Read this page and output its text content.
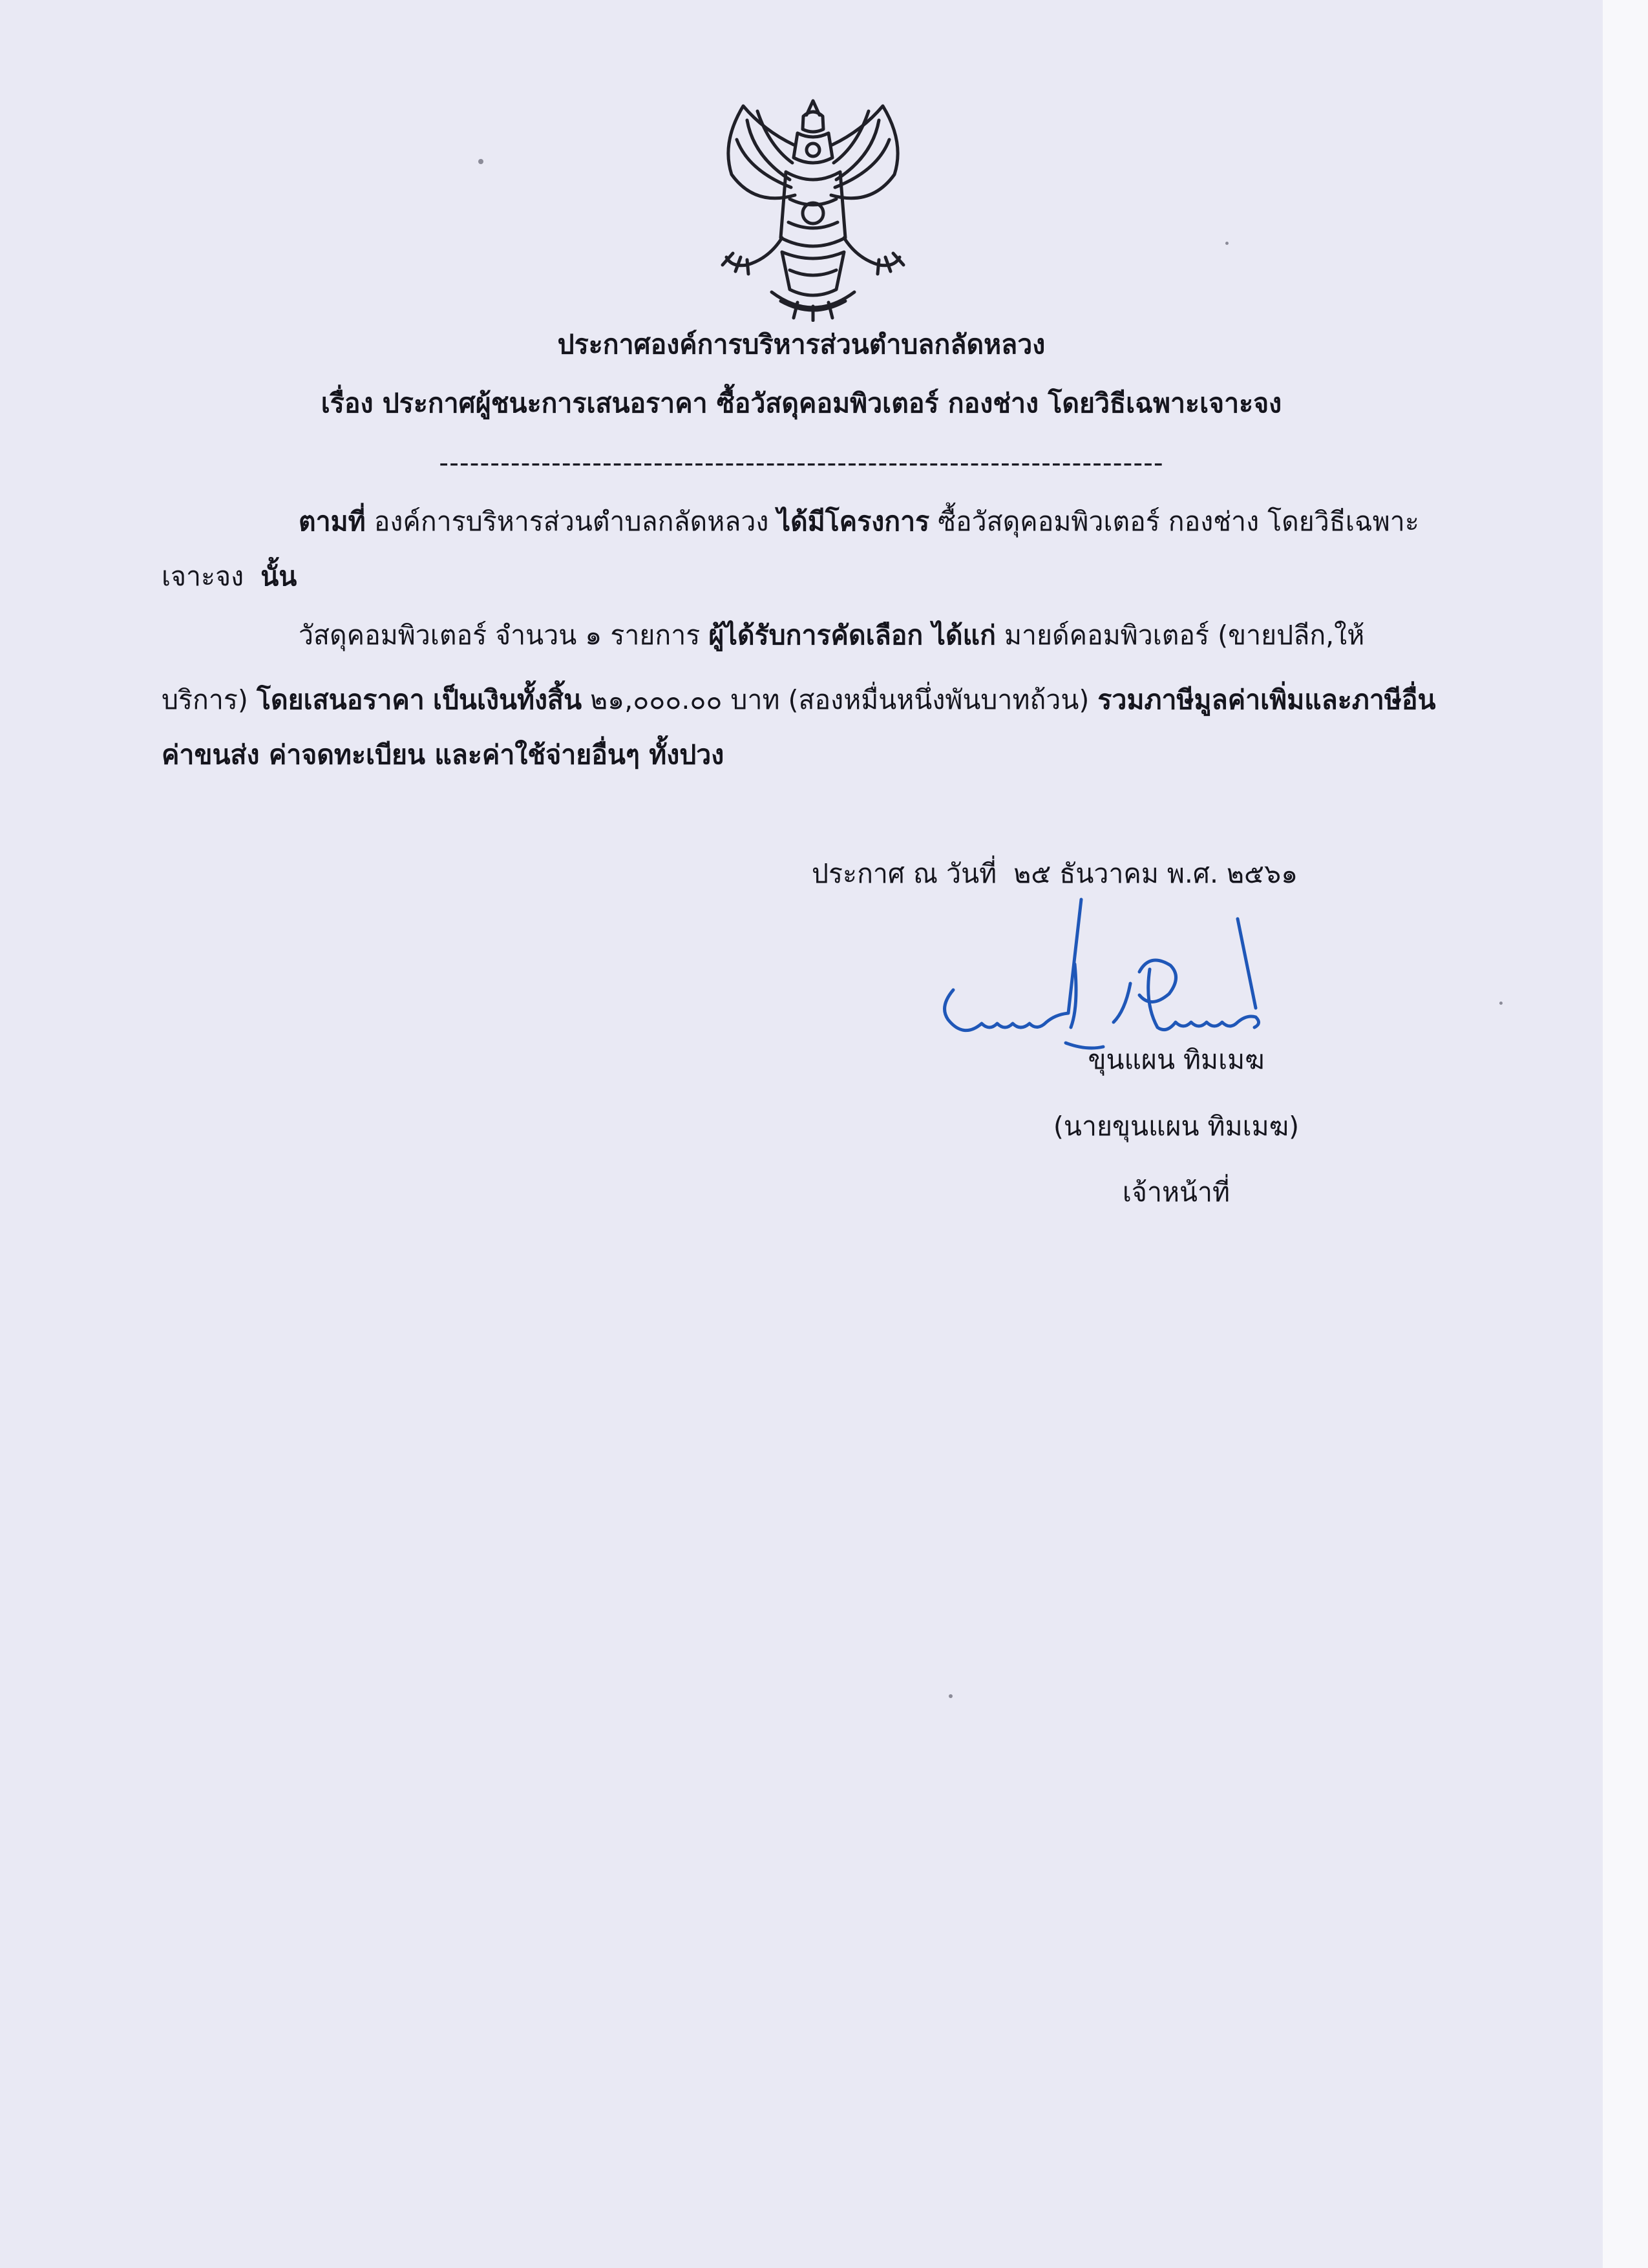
ประกาศองค์การบริหารส่วนตำบลกลัดหลวง
เรื่อง ประกาศผู้ชนะการเสนอราคา ซื้อวัสดุคอมพิวเตอร์ กองช่าง โดยวิธีเฉพาะเจาะจง
-----------------------------------------------------------------------
ตามที่ องค์การบริหารส่วนตำบลกลัดหลวง ได้มีโครงการ ซื้อวัสดุคอมพิวเตอร์ กองช่าง โดยวิธีเฉพาะ
เจาะจง นั้น
วัสดุคอมพิวเตอร์ จำนวน ๑ รายการ ผู้ได้รับการคัดเลือก ได้แก่ มายด์คอมพิวเตอร์ (ขายปลีก,ให้
บริการ) โดยเสนอราคา เป็นเงินทั้งสิ้น ๒๑,๐๐๐.๐๐ บาท (สองหมื่นหนึ่งพันบาทถ้วน) รวมภาษีมูลค่าเพิ่มและภาษีอื่น
ค่าขนส่ง ค่าจดทะเบียน และค่าใช้จ่ายอื่นๆ ทั้งปวง
ประกาศ ณ วันที่ ๒๕ ธันวาคม พ.ศ. ๒๕๖๑
ขุนแผน ทิมเมฆ
(นายขุนแผน ทิมเมฆ)
เจ้าหน้าที่
